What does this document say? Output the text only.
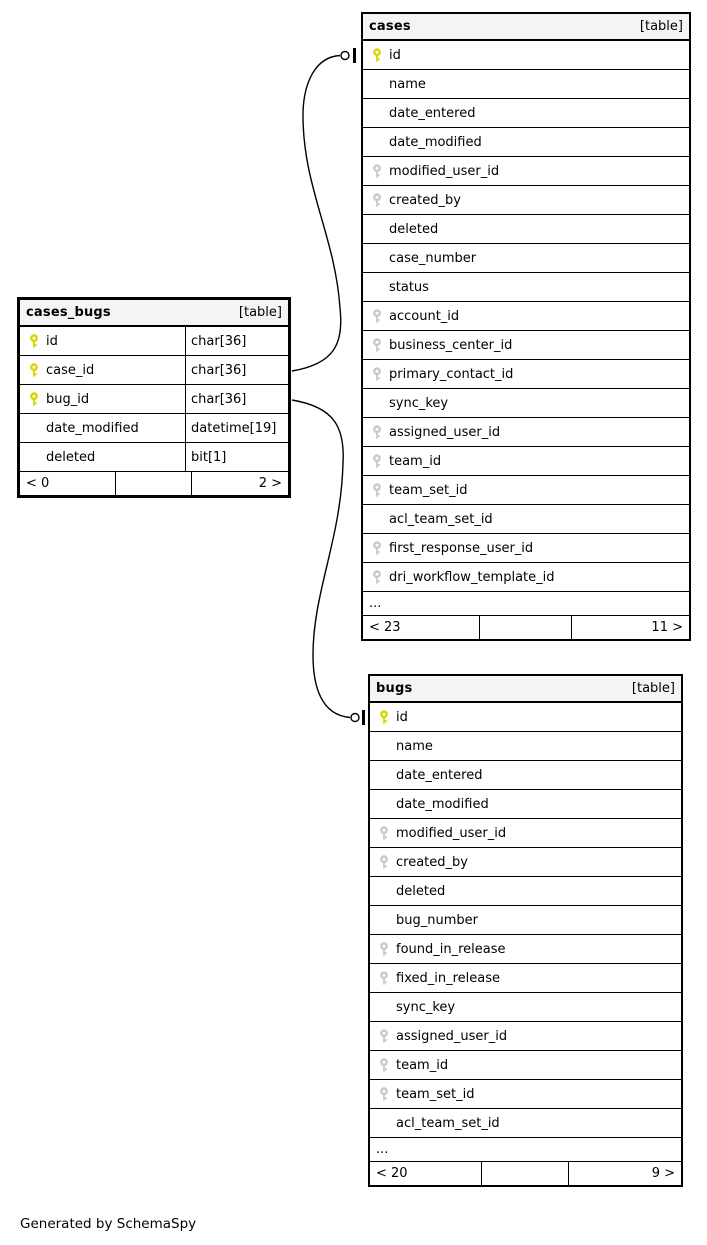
cases	[table]
id
name
date_entered
date_modified
modified_user_id
created_by
deleted
case_number
status
account_id
business_center_id
primary_contact_id
sync_key
assigned_user_id
team_id
team_set_id
acl_team_set_id
first_response_user_id
dri_workflow_template_id
...
< 23	11 >
cases_bugs	[table]
id	char[36]
case_id	char[36]
bug_id	char[36]
date_modified	datetime[19]
deleted	bit[1]
< 0	2 >
bugs	[table]
id
name
date_entered
date_modified
modified_user_id
created_by
deleted
bug_number
found_in_release
fixed_in_release
sync_key
assigned_user_id
team_id
team_set_id
acl_team_set_id
...
< 20	9 >
Generated by SchemaSpy
